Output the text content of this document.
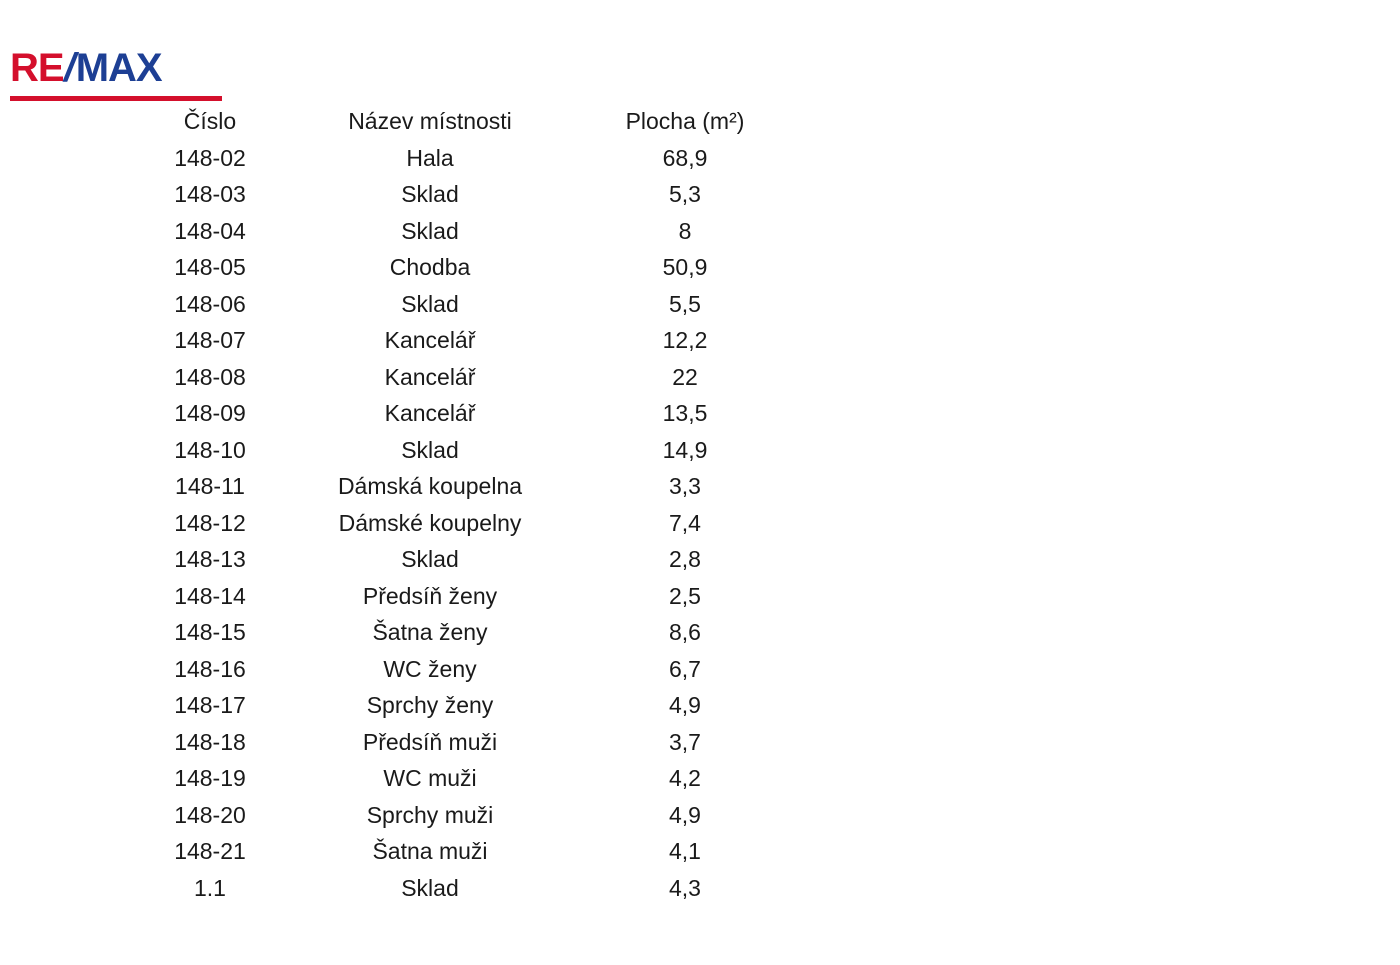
RE/MAX
Číslo	Název místnosti	Plocha (m²)
148-02	Hala	68,9
148-03	Sklad	5,3
148-04	Sklad	8
148-05	Chodba	50,9
148-06	Sklad	5,5
148-07	Kancelář	12,2
148-08	Kancelář	22
148-09	Kancelář	13,5
148-10	Sklad	14,9
148-11	Dámská koupelna	3,3
148-12	Dámské koupelny	7,4
148-13	Sklad	2,8
148-14	Předsíň ženy	2,5
148-15	Šatna ženy	8,6
148-16	WC ženy	6,7
148-17	Sprchy ženy	4,9
148-18	Předsíň muži	3,7
148-19	WC muži	4,2
148-20	Sprchy muži	4,9
148-21	Šatna muži	4,1
1.1	Sklad	4,3
